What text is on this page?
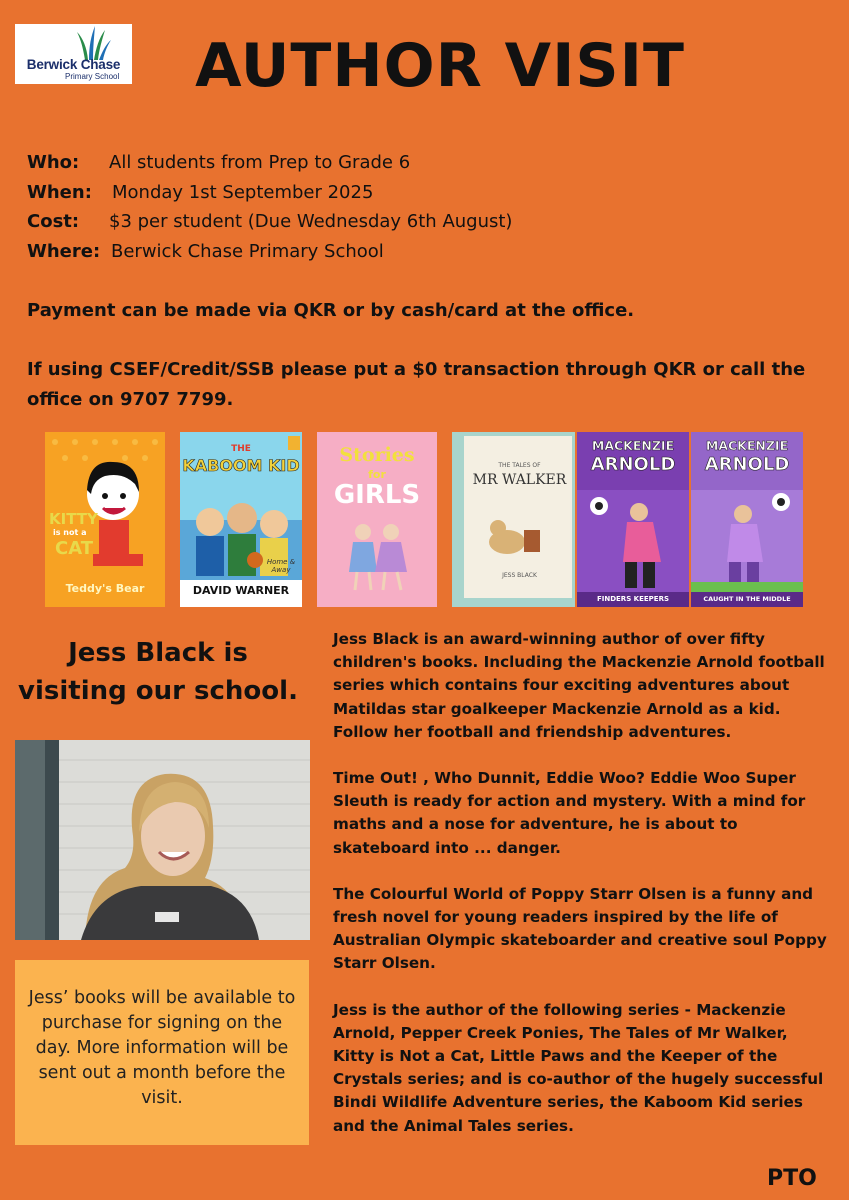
Berwick Chase
Primary School	AUTHOR VISIT
Who:	All students from Prep to Grade 6
When:	Monday 1st September 2025
Cost:	$3 per student (Due Wednesday 6th August)
Where: Berwick Chase Primary School
Payment can be made via QKR or by cash/card at the office.
If using CSEF/Credit/SSB please put a $0 transaction through QKR or call the office on 9707 7799.
KITTY
is not a
CAT
Teddy's Bear
THE
KABOOM KID
DAVID WARNER
Home & Away
Stories
for
GIRLS
THE TALES OF
MR WALKER
JESS BLACK
MACKENZIE
ARNOLD
FINDERS KEEPERS
MACKENZIE
ARNOLD
CAUGHT IN THE MIDDLE
Jess Black is visiting our school.
Jess’ books will be available to purchase for signing on the day. More information will be sent out a month before the visit.

Jess Black is an award-winning author of over fifty children's books. Including the Mackenzie Arnold football series which contains four exciting adventures about Matildas star goalkeeper Mackenzie Arnold as a kid. Follow her football and friendship adventures.

Time Out! , Who Dunnit, Eddie Woo? Eddie Woo Super Sleuth is ready for action and mystery. With a mind for maths and a nose for adventure, he is about to skateboard into ... danger.

The Colourful World of Poppy Starr Olsen is a funny and fresh novel for young readers inspired by the life of Australian Olympic skateboarder and creative soul Poppy Starr Olsen.

Jess is the author of the following series - Mackenzie Arnold, Pepper Creek Ponies, The Tales of Mr Walker, Kitty is Not a Cat, Little Paws and the Keeper of the Crystals series; and is co-author of the hugely successful Bindi Wildlife Adventure series, the Kaboom Kid series and the Animal Tales series.

PTO
